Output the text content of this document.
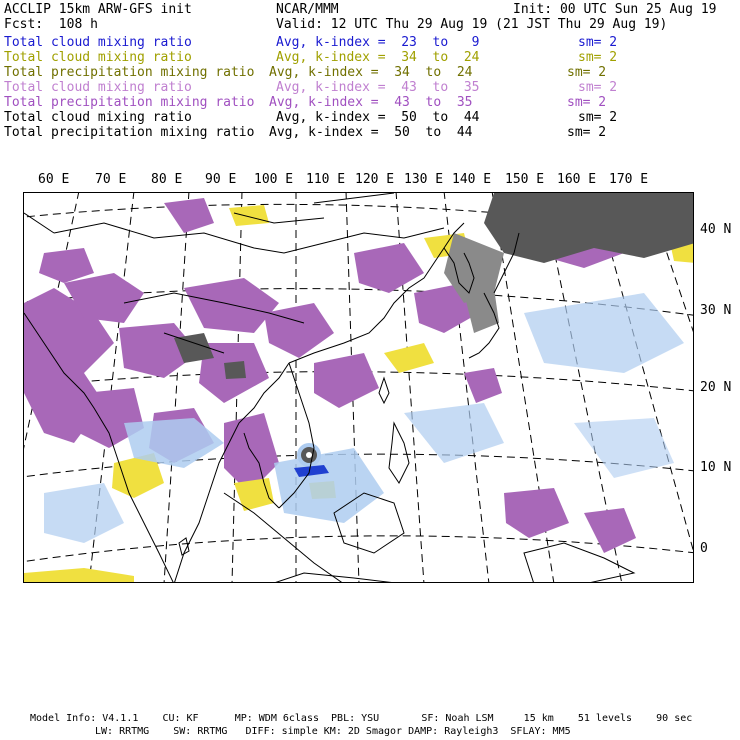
ACCLIP 15km ARW-GFS init	NCAR/MMM	Init: 00 UTC Sun 25 Aug 19
Fcst:  108 h	Valid: 12 UTC Thu 29 Aug 19 (21 JST Thu 29 Aug 19)
Total cloud mixing ratio	Avg, k-index =  23  to   9	sm= 2
Total cloud mixing ratio	Avg, k-index =  34  to  24	sm= 2
Total precipitation mixing ratio Avg, k-index =  34  to  24	sm= 2
Total cloud mixing ratio	Avg, k-index =  43  to  35	sm= 2
Total precipitation mixing ratio Avg, k-index =  43  to  35	sm= 2
Total cloud mixing ratio	Avg, k-index =  50  to  44	sm= 2
Total precipitation mixing ratio Avg, k-index =  50  to  44	sm= 2
60 E 70 E 80 E 90 E 100 E 110 E 120 E 130 E 140 E 150 E 160 E 170 E
40 N
30 N
20 N
10 N
0
Model Info: V4.1.1    CU: KF      MP: WDM 6class  PBL: YSU       SF: Noah LSM     15 km    51 levels    90 sec
LW: RRTMG    SW: RRTMG   DIFF: simple KM: 2D Smagor DAMP: Rayleigh3  SFLAY: MM5
